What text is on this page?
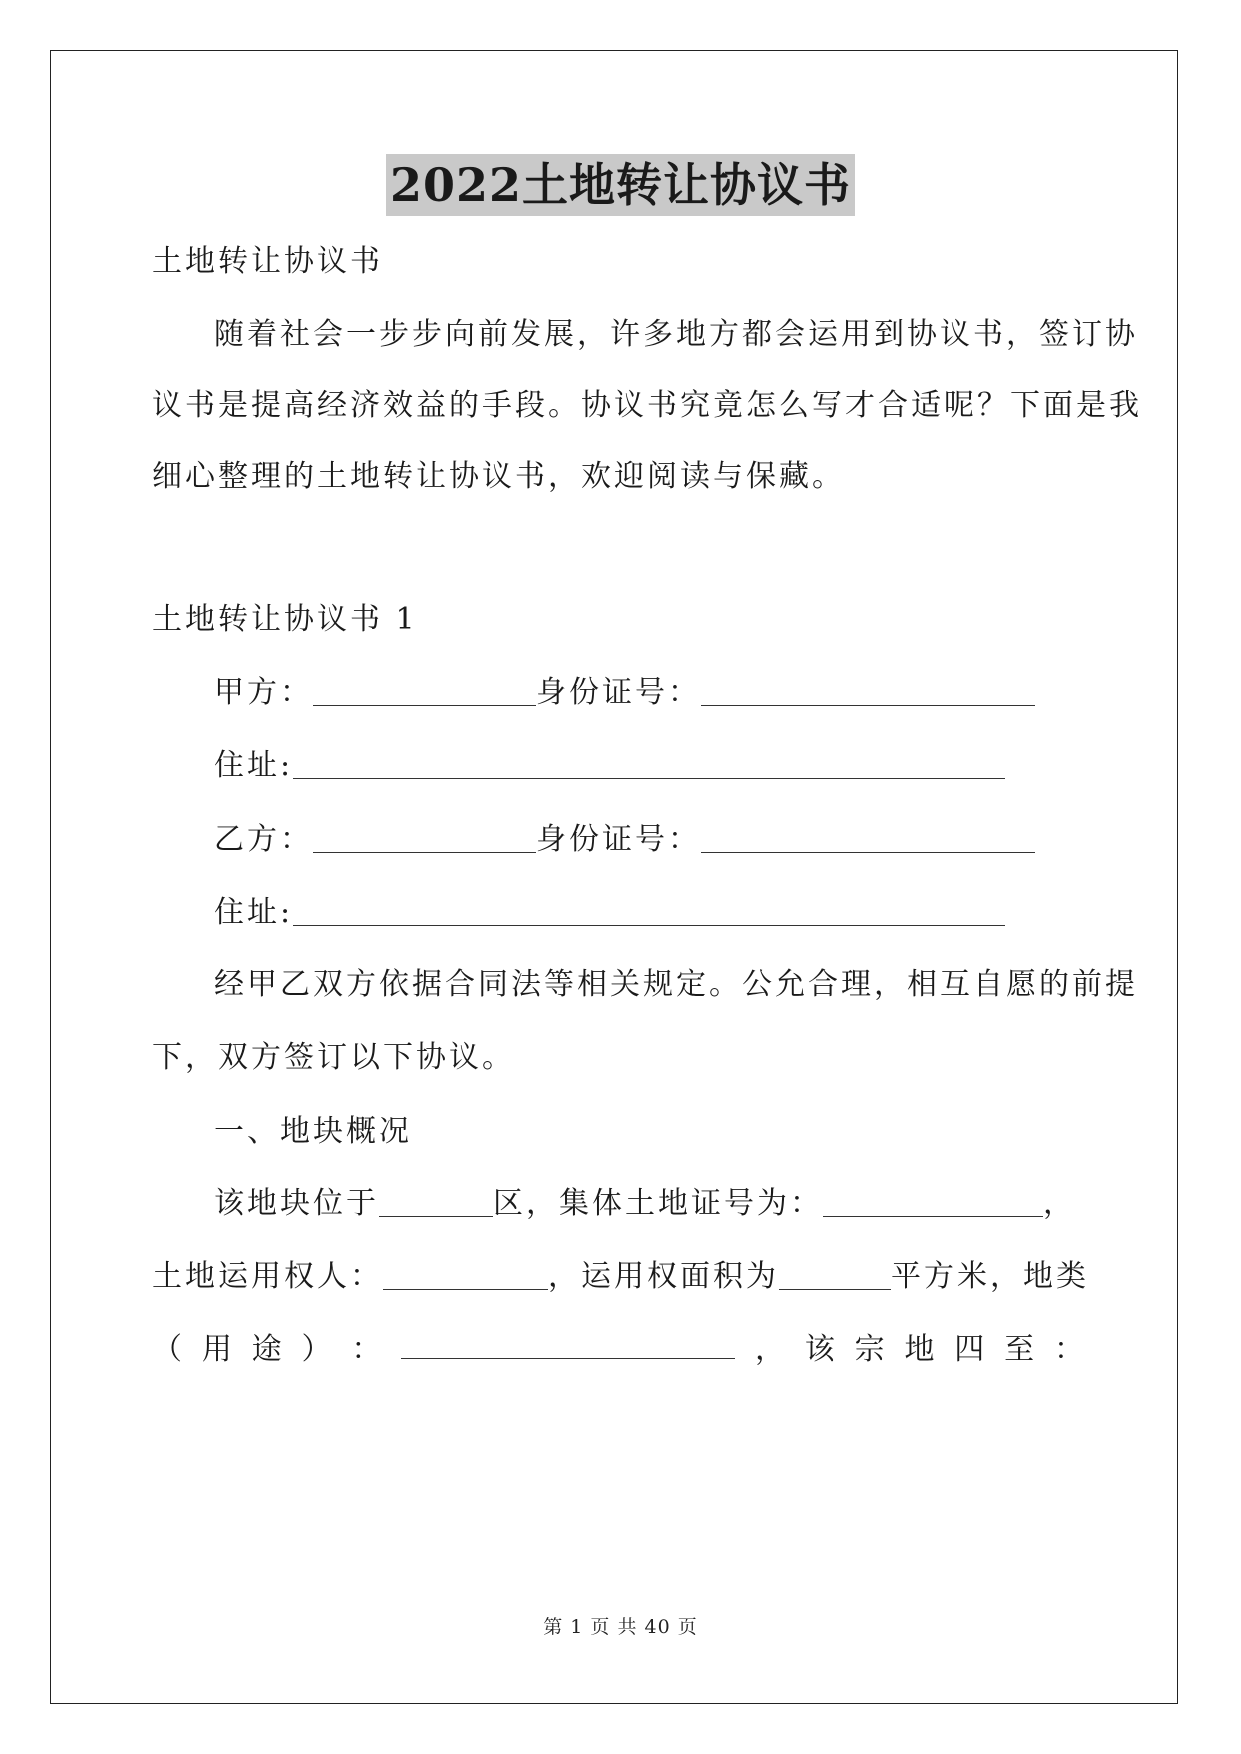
2022土地转让协议书
土地转让协议书
随着社会一步步向前发展，许多地方都会运用到协议书，签订协
议书是提高经济效益的手段。协议书究竟怎么写才合适呢？下面是我
细心整理的土地转让协议书，欢迎阅读与保藏。
土地转让协议书 1
甲方：	身份证号：
住址:
乙方：	身份证号：
住址:
经甲乙双方依据合同法等相关规定。公允合理，相互自愿的前提
下，双方签订以下协议。
一、地块概况
该地块位于	区，集体土地证号为：	，
土地运用权人：	，运用权面积为	平方米，地类
（ 用 途 ） ：	， 该 宗 地 四 至 ：
第 1 页 共 40 页
